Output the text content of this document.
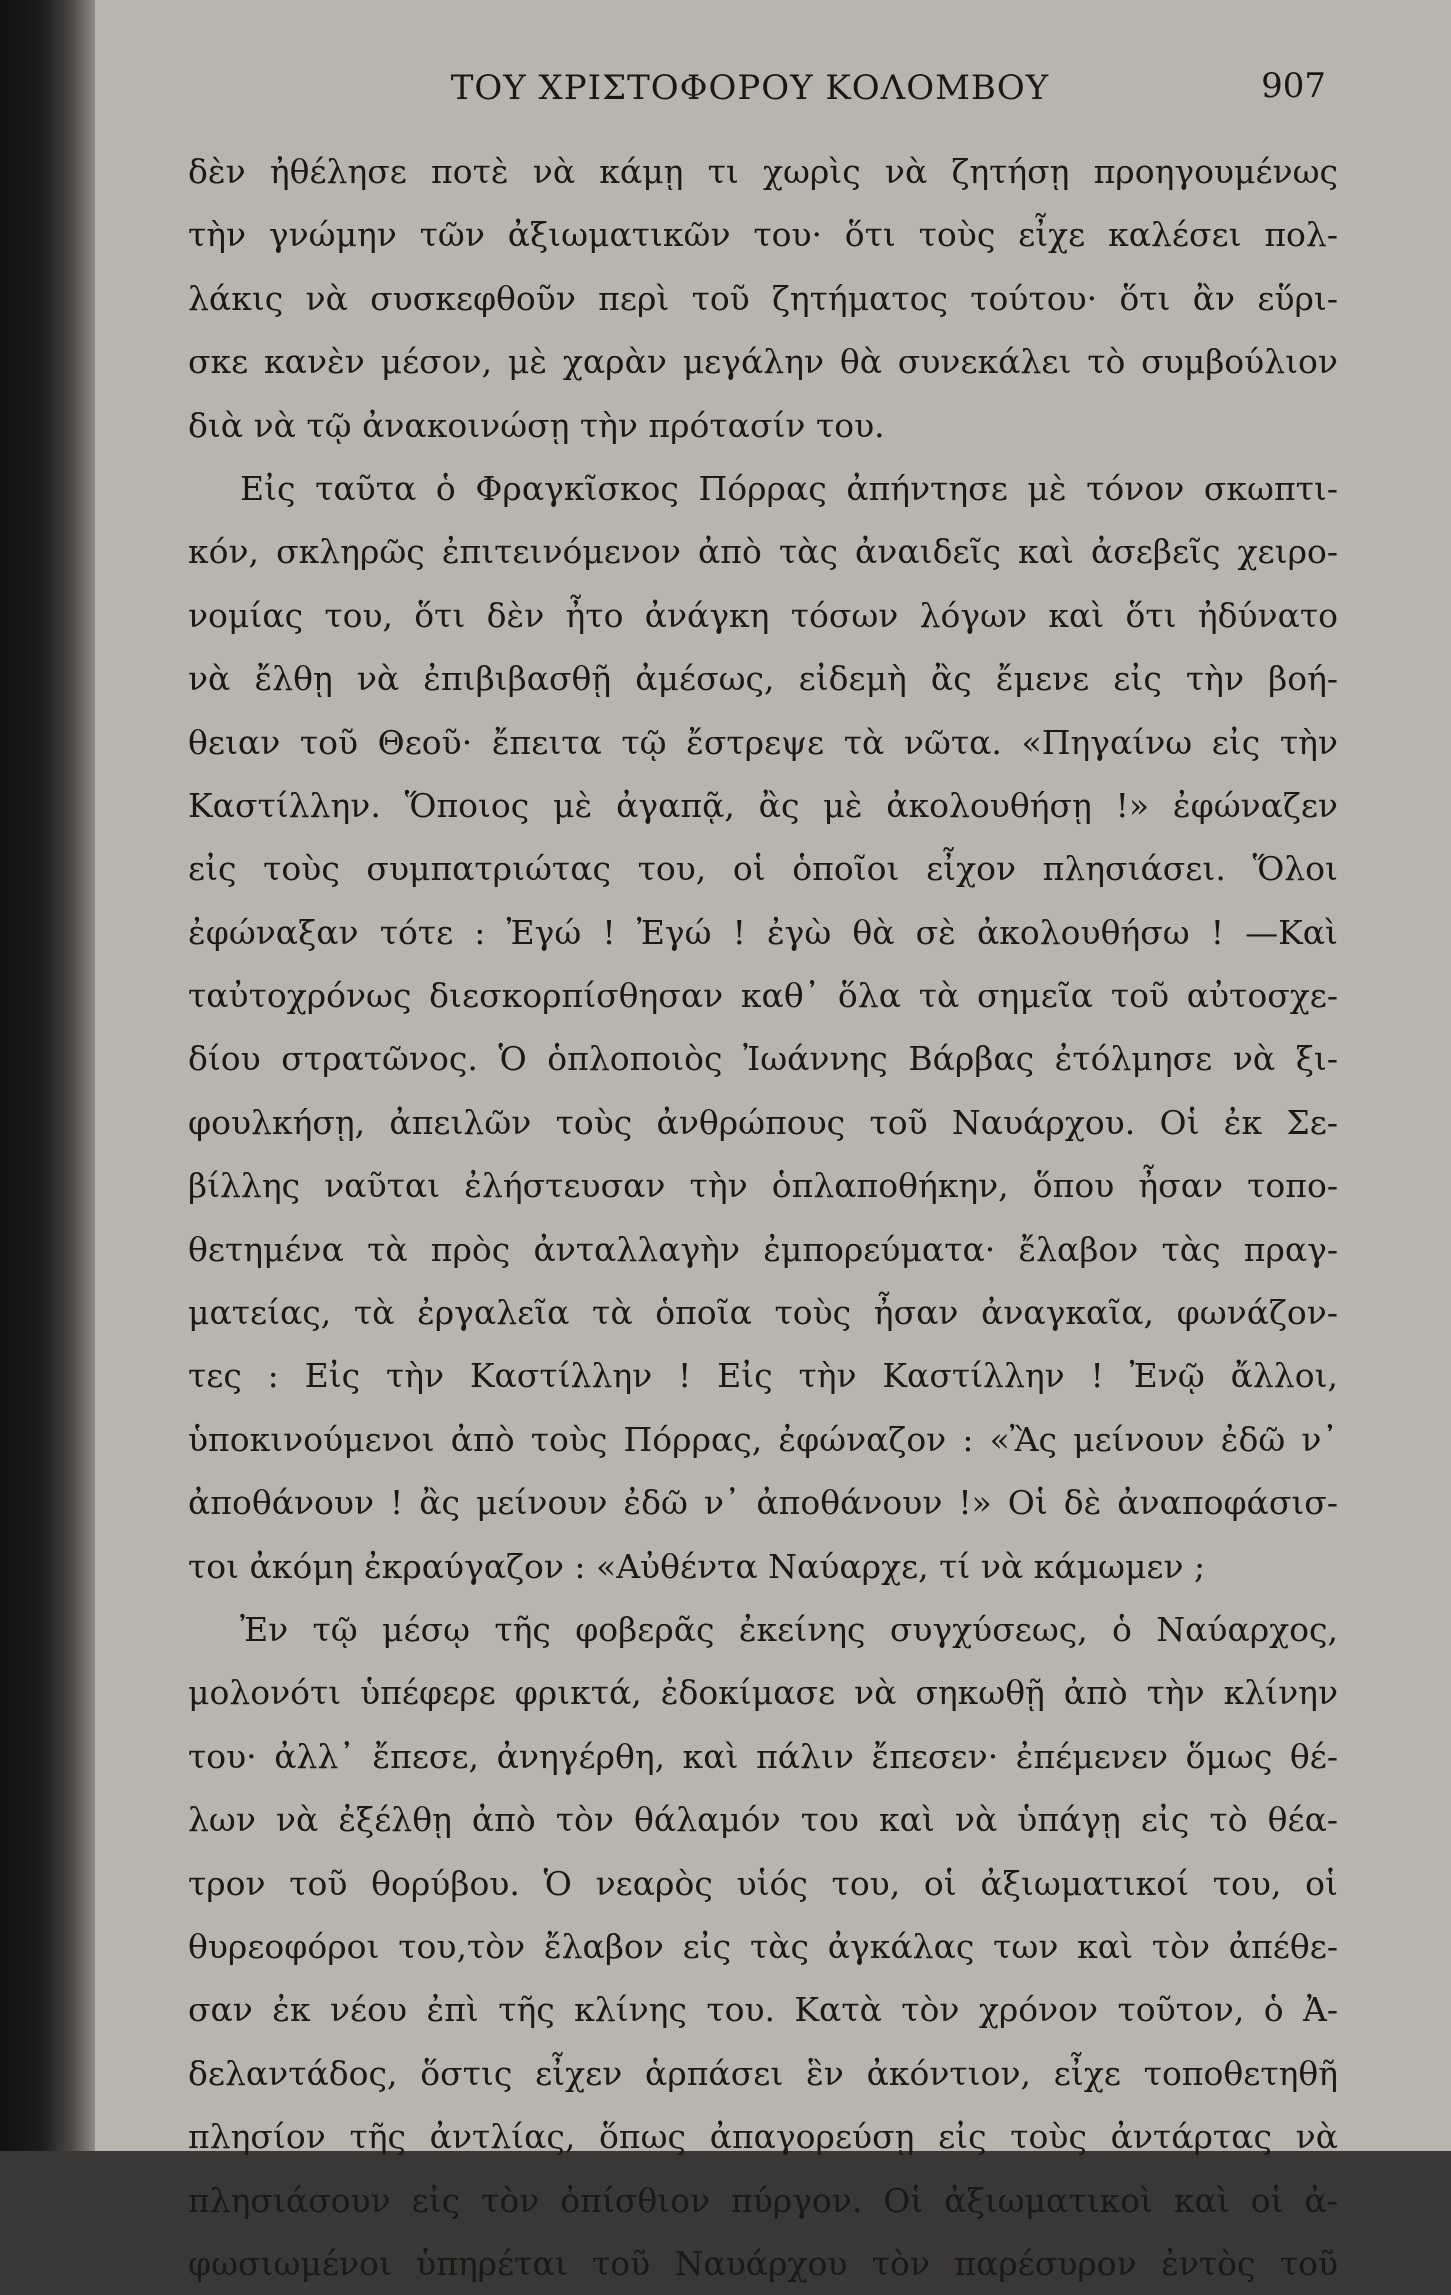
ΤΟΥ ΧΡΙΣΤΟΦΟΡΟΥ ΚΟΛΟΜΒΟΥ	907
δὲν ἠθέλησε ποτὲ νὰ κάμῃ τι χωρὶς νὰ ζητήσῃ προηγουμένως
τὴν γνώμην τῶν ἀξιωματικῶν του· ὅτι τοὺς εἶχε καλέσει πολ-
λάκις νὰ συσκεφθοῦν περὶ τοῦ ζητήματος τούτου· ὅτι ἂν εὕρι-
σκε κανὲν μέσον, μὲ χαρὰν μεγάλην θὰ συνεκάλει τὸ συμβούλιον
διὰ νὰ τῷ ἀνακοινώσῃ τὴν πρότασίν του.
Εἰς ταῦτα ὁ Φραγκῖσκος Πόρρας ἀπήντησε μὲ τόνον σκωπτι-
κόν, σκληρῶς ἐπιτεινόμενον ἀπὸ τὰς ἀναιδεῖς καὶ ἀσεβεῖς χειρο-
νομίας του, ὅτι δὲν ἦτο ἀνάγκη τόσων λόγων καὶ ὅτι ἠδύνατο
νὰ ἔλθῃ νὰ ἐπιβιβασθῇ ἀμέσως, εἰδεμὴ ἂς ἔμενε εἰς τὴν βοή-
θειαν τοῦ Θεοῦ· ἔπειτα τῷ ἔστρεψε τὰ νῶτα. «Πηγαίνω εἰς τὴν
Καστίλλην. Ὅποιος μὲ ἀγαπᾷ, ἂς μὲ ἀκολουθήσῃ !» ἐφώναζεν
εἰς τοὺς συμπατριώτας του, οἱ ὁποῖοι εἶχον πλησιάσει. Ὅλοι
ἐφώναξαν τότε : Ἐγώ ! Ἐγώ ! ἐγὼ θὰ σὲ ἀκολουθήσω ! —Καὶ
ταὐτοχρόνως διεσκορπίσθησαν καθ᾽ ὅλα τὰ σημεῖα τοῦ αὐτοσχε-
δίου στρατῶνος. Ὁ ὁπλοποιὸς Ἰωάννης Βάρβας ἐτόλμησε νὰ ξι-
φουλκήσῃ, ἀπειλῶν τοὺς ἀνθρώπους τοῦ Ναυάρχου. Οἱ ἐκ Σε-
βίλλης ναῦται ἐλήστευσαν τὴν ὁπλαποθήκην, ὅπου ἦσαν τοπο-
θετημένα τὰ πρὸς ἀνταλλαγὴν ἐμπορεύματα· ἔλαβον τὰς πραγ-
ματείας, τὰ ἐργαλεῖα τὰ ὁποῖα τοὺς ἦσαν ἀναγκαῖα, φωνάζον-
τες : Εἰς τὴν Καστίλλην ! Εἰς τὴν Καστίλλην ! Ἐνῷ ἄλλοι,
ὑποκινούμενοι ἀπὸ τοὺς Πόρρας, ἐφώναζον : «Ἂς μείνουν ἐδῶ ν᾽
ἀποθάνουν ! ἂς μείνουν ἐδῶ ν᾽ ἀποθάνουν !» Οἱ δὲ ἀναποφάσισ-
τοι ἀκόμη ἐκραύγαζον : «Αὐθέντα Ναύαρχε, τί νὰ κάμωμεν ;
Ἐν τῷ μέσῳ τῆς φοβερᾶς ἐκείνης συγχύσεως, ὁ Ναύαρχος,
μολονότι ὑπέφερε φρικτά, ἐδοκίμασε νὰ σηκωθῇ ἀπὸ τὴν κλίνην
του· ἀλλ᾽ ἔπεσε, ἀνηγέρθη, καὶ πάλιν ἔπεσεν· ἐπέμενεν ὅμως θέ-
λων νὰ ἐξέλθῃ ἀπὸ τὸν θάλαμόν του καὶ νὰ ὑπάγῃ εἰς τὸ θέα-
τρον τοῦ θορύβου. Ὁ νεαρὸς υἱός του, οἱ ἀξιωματικοί του, οἱ
θυρεοφόροι του,τὸν ἔλαβον εἰς τὰς ἀγκάλας των καὶ τὸν ἀπέθε-
σαν ἐκ νέου ἐπὶ τῆς κλίνης του. Κατὰ τὸν χρόνον τοῦτον, ὁ Ἀ-
δελαντάδος, ὅστις εἶχεν ἁρπάσει ἓν ἀκόντιον, εἶχε τοποθετηθῆ
πλησίον τῆς ἀντλίας, ὅπως ἀπαγορεύσῃ εἰς τοὺς ἀντάρτας νὰ
πλησιάσουν εἰς τὸν ὀπίσθιον πύργον. Οἱ ἀξιωματικοὶ καὶ οἱ ἀ-
φωσιωμένοι ὑπηρέται τοῦ Ναυάρχου τὸν παρέσυρον ἐντὸς τοῦ
